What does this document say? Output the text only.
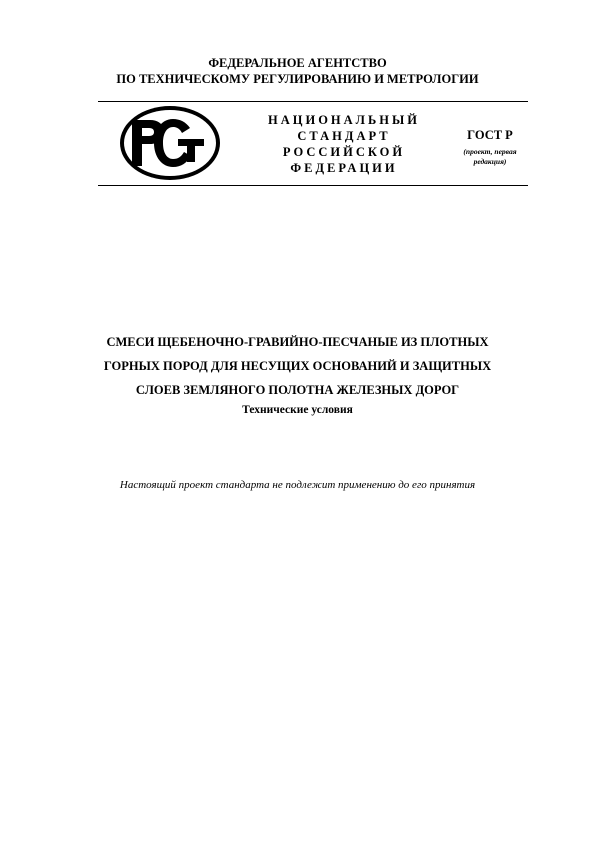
ФЕДЕРАЛЬНОЕ АГЕНТСТВО
ПО ТЕХНИЧЕСКОМУ РЕГУЛИРОВАНИЮ И МЕТРОЛОГИИ
НАЦИОНАЛЬНЫЙ
СТАНДАРТ
РОССИЙСКОЙ
ФЕДЕРАЦИИ
ГОСТ Р
(проект, первая
редакция)
СМЕСИ ЩЕБЕНОЧНО-ГРАВИЙНО-ПЕСЧАНЫЕ ИЗ ПЛОТНЫХ
ГОРНЫХ ПОРОД ДЛЯ НЕСУЩИХ ОСНОВАНИЙ И ЗАЩИТНЫХ
СЛОЕВ ЗЕМЛЯНОГО ПОЛОТНА ЖЕЛЕЗНЫХ ДОРОГ
Технические условия
Настоящий проект стандарта не подлежит применению до его принятия
